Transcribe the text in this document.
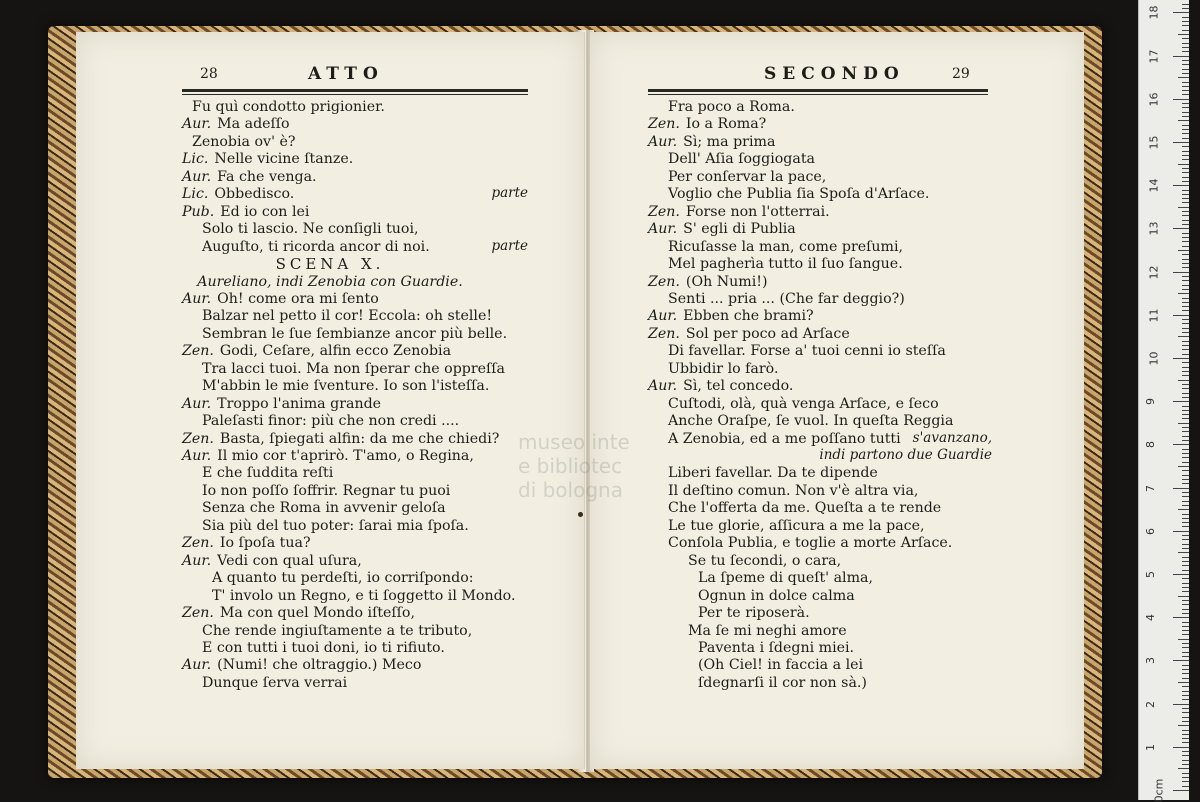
28	ATTO
Fu quì condotto prigionier.
Aur. Ma adeſſo
Zenobia ov' è?
Lic. Nelle vicine ſtanze.
Aur. Fa che venga.
Lic. Obbedisco.	parte
Pub. Ed io con lei
Solo ti lascio. Ne conſigli tuoi,
Auguſto, ti ricorda ancor di noi.	parte
SCENA X.
Aureliano, indi Zenobia con Guardie.
Aur. Oh! come ora mi ſento
Balzar nel petto il cor! Eccola: oh stelle!
Sembran le ſue ſembianze ancor più belle.
Zen. Godi, Ceſare, alfin ecco Zenobia
Tra lacci tuoi. Ma non ſperar che oppreſſa
M'abbin le mie ſventure. Io son l'isteſſa.
Aur. Troppo l'anima grande
Paleſasti finor: più che non credi ....
Zen. Basta, ſpiegati alfin: da me che chiedi?
Aur. Il mio cor t'aprirò. T'amo, o Regina,
E che ſuddita reſti
Io non poſſo ſoffrir. Regnar tu puoi
Senza che Roma in avvenir geloſa
Sia più del tuo poter: ſarai mia ſpoſa.
Zen. Io ſpoſa tua?
Aur. Vedi con qual uſura,
A quanto tu perdeſti, io corriſpondo:
T' involo un Regno, e ti ſoggetto il Mondo.
Zen. Ma con quel Mondo iſteſſo,
Che rende ingiuſtamente a te tributo,
E con tutti i tuoi doni, io ti rifiuto.
Aur. (Numi! che oltraggio.) Meco
Dunque ſerva verrai
SECONDO	29
Fra poco a Roma.
Zen. Io a Roma?
Aur. Sì; ma prima
Dell' Aſia ſoggiogata
Per conſervar la pace,
Voglio che Publia ſia Spoſa d'Arſace.
Zen. Forse non l'otterrai.
Aur. S' egli di Publia
Ricuſasse la man, come preſumi,
Mel pagherìa tutto il ſuo ſangue.
Zen. (Oh Numi!)
Senti ... pria ... (Che far deggio?)
Aur. Ebben che brami?
Zen. Sol per poco ad Arſace
Di favellar. Forse a' tuoi cenni io steſſa
Ubbidir lo farò.
Aur. Sì, tel concedo.
Cuſtodi, olà, quà venga Arſace, e ſeco
Anche Oraſpe, ſe vuol. In queſta Reggia
A Zenobia, ed a me poſſano tutti s'avanzano,
indi partono due Guardie
Liberi favellar. Da te dipende
Il deſtino comun. Non v'è altra via,
Che l'offerta da me. Queſta a te rende
Le tue glorie, aſſicura a me la pace,
Conſola Publia, e toglie a morte Arſace.
Se tu ſecondi, o cara,
La ſpeme di queſt' alma,
Ognun in dolce calma
Per te riposerà.
Ma ſe mi neghi amore
Paventa i ſdegni miei.
(Oh Ciel! in faccia a lei
ſdegnarſi il cor non sà.)
museo inte
e bibliotec
di bologna
18
17
16
15
14
13
12
11
10
9
8
7
6
5
4
3
2
1
0cm
